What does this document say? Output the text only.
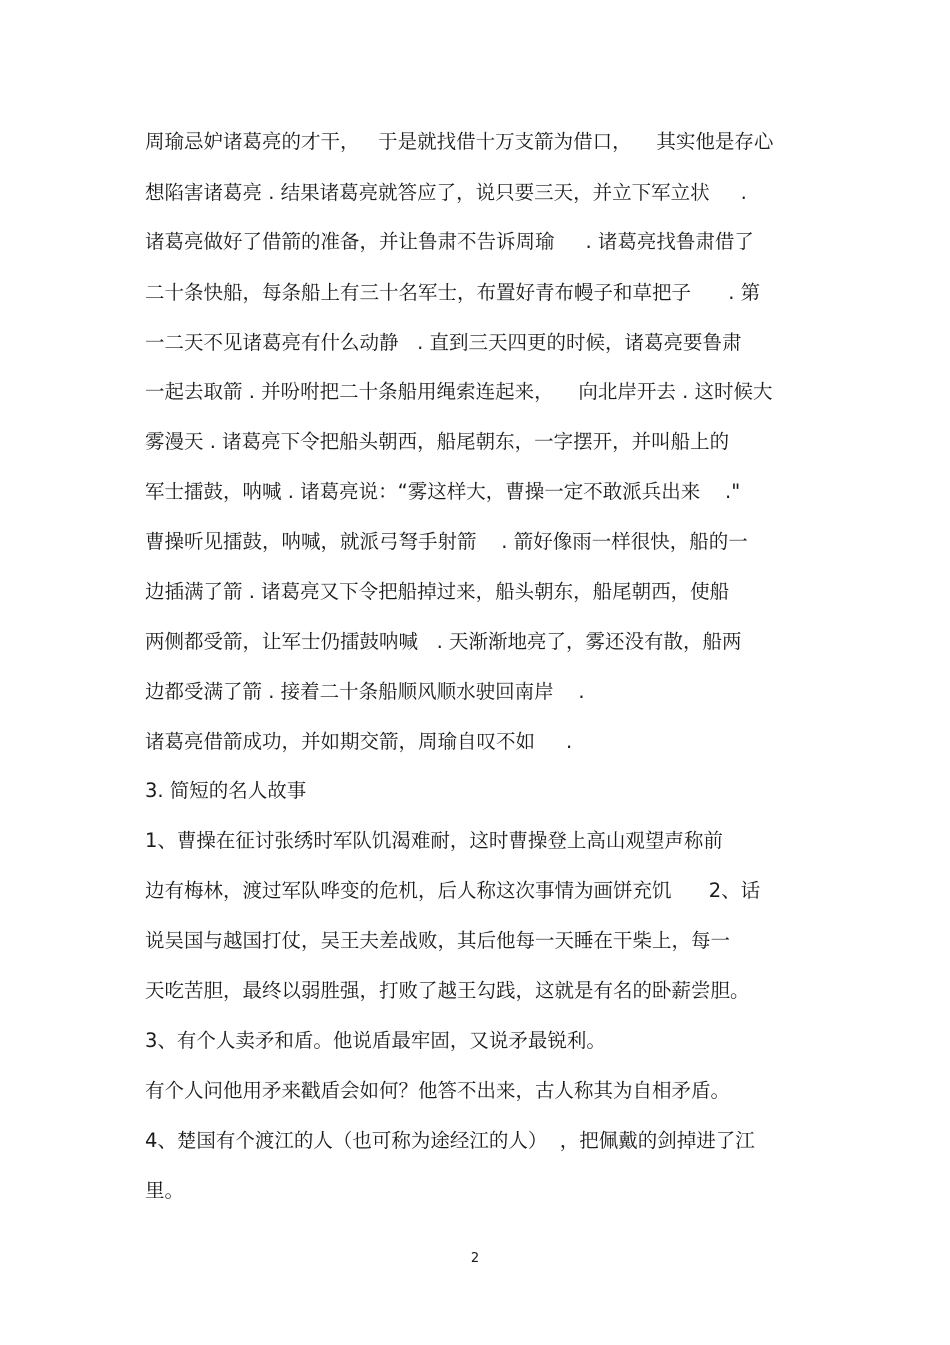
周瑜忌妒诸葛亮的才干，   于是就找借十万支箭为借口，    其实他是存心
想陷害诸葛亮 . 结果诸葛亮就答应了，说只要三天，并立下军立状     .
诸葛亮做好了借箭的准备，并让鲁肃不告诉周瑜     . 诸葛亮找鲁肃借了
二十条快船，每条船上有三十名军士，布置好青布幔子和草把子      . 第
一二天不见诸葛亮有什么动静   . 直到三天四更的时候，诸葛亮要鲁肃
一起去取箭 . 并吩咐把二十条船用绳索连起来，    向北岸开去 . 这时候大
雾漫天 . 诸葛亮下令把船头朝西，船尾朝东，一字摆开，并叫船上的
军士擂鼓，呐喊 . 诸葛亮说：“雾这样大，曹操一定不敢派兵出来    ."
曹操听见擂鼓，呐喊，就派弓弩手射箭    . 箭好像雨一样很快，船的一
边插满了箭 . 诸葛亮又下令把船掉过来，船头朝东，船尾朝西，使船
两侧都受箭，让军士仍擂鼓呐喊   . 天渐渐地亮了，雾还没有散，船两
边都受满了箭 . 接着二十条船顺风顺水驶回南岸    .
诸葛亮借箭成功，并如期交箭，周瑜自叹不如     .
3. 简短的名人故事
1、曹操在征讨张绣时军队饥渴难耐，这时曹操登上高山观望声称前
边有梅林，渡过军队哗变的危机，后人称这次事情为画饼充饥      2、话
说吴国与越国打仗，吴王夫差战败，其后他每一天睡在干柴上，每一
天吃苦胆，最终以弱胜强，打败了越王勾践，这就是有名的卧薪尝胆。
3、有个人卖矛和盾。他说盾最牢固，又说矛最锐利。
有个人问他用矛来戳盾会如何？他答不出来，古人称其为自相矛盾。
4、楚国有个渡江的人（也可称为途经江的人）  ，把佩戴的剑掉进了江
里。
2
